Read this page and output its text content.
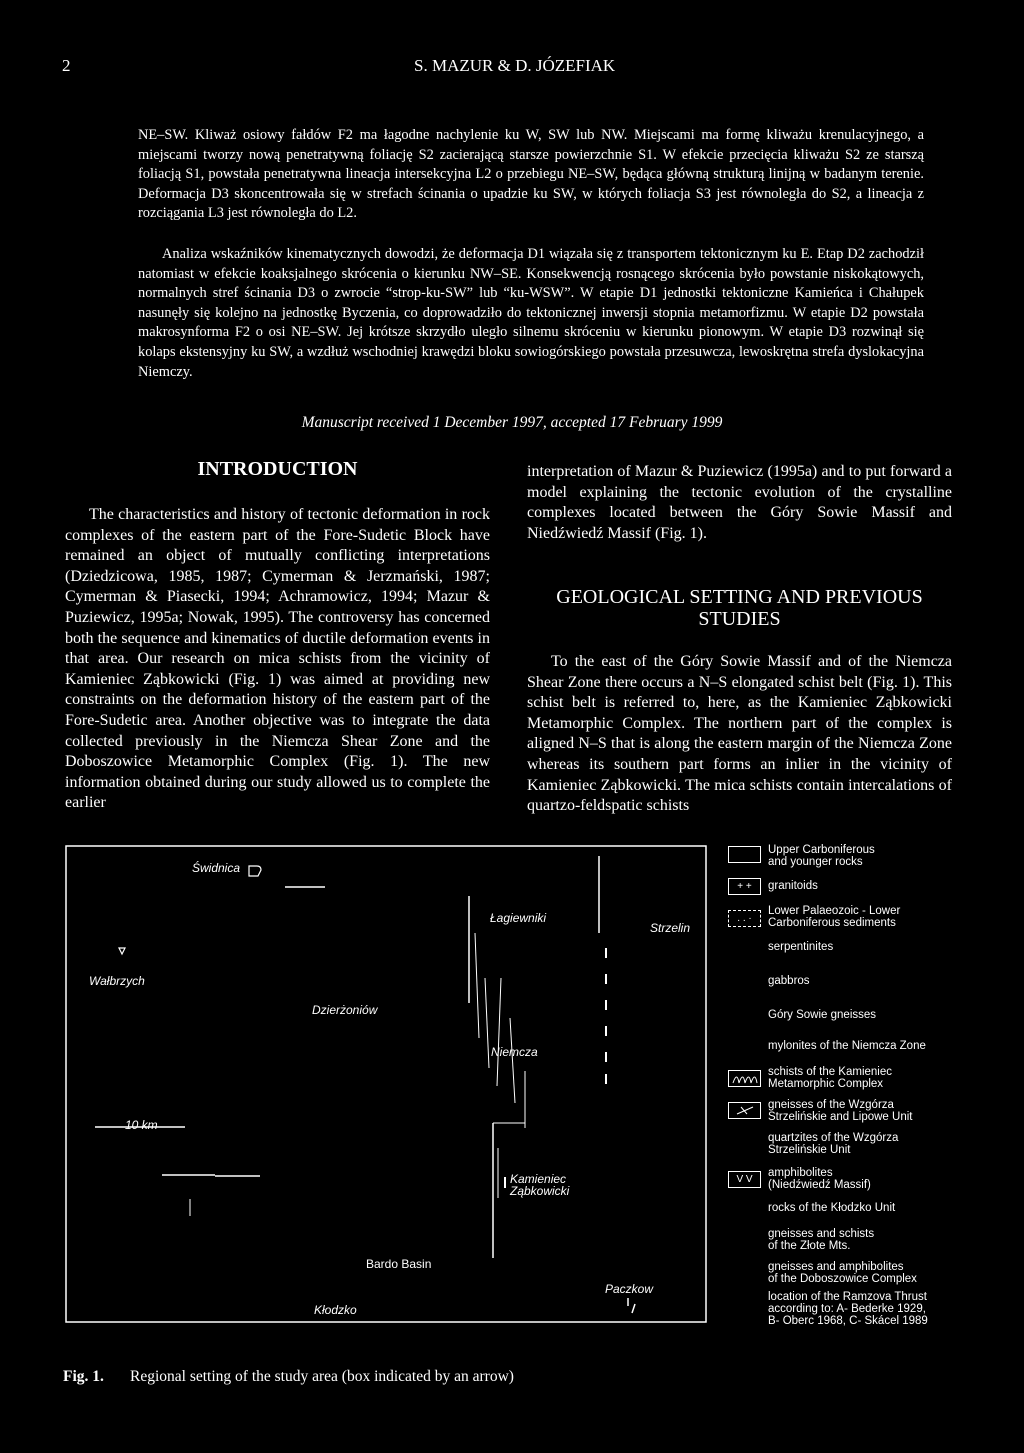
2	S. MAZUR & D. JÓZEFIAK

NE–SW. Kliważ osiowy fałdów F2 ma łagodne nachylenie ku W, SW lub NW. Miejscami ma formę kliważu krenulacyjnego, a miejscami tworzy nową penetratywną foliację S2 zacierającą starsze powierzchnie S1. W efekcie przecięcia kliważu S2 ze starszą foliacją S1, powstała penetratywna lineacja intersekcyjna L2 o przebiegu NE–SW, będąca główną strukturą linijną w badanym terenie. Deformacja D3 skoncentrowała się w strefach ścinania o upadzie ku SW, w których foliacja S3 jest równoległa do S2, a lineacja z rozciągania L3 jest równoległa do L2.

Analiza wskaźników kinematycznych dowodzi, że deformacja D1 wiązała się z transportem tektonicznym ku E. Etap D2 zachodził natomiast w efekcie koaksjalnego skrócenia o kierunku NW–SE. Konsekwencją rosnącego skrócenia było powstanie niskokątowych, normalnych stref ścinania D3 o zwrocie “strop-ku-SW” lub “ku-WSW”. W etapie D1 jednostki tektoniczne Kamieńca i Chałupek nasunęły się kolejno na jednostkę Byczenia, co doprowadziło do tektonicznej inwersji stopnia metamorfizmu. W etapie D2 powstała makrosynforma F2 o osi NE–SW. Jej krótsze skrzydło uległo silnemu skróceniu w kierunku pionowym. W etapie D3 rozwinął się kolaps ekstensyjny ku SW, a wzdłuż wschodniej krawędzi bloku sowiogórskiego powstała przesuwcza, lewoskrętna strefa dyslokacyjna Niemczy.

Manuscript received 1 December 1997, accepted 17 February 1999
INTRODUCTION

The characteristics and history of tectonic deformation in rock complexes of the eastern part of the Fore-Sudetic Block have remained an object of mutually conflicting interpretations (Dziedzicowa, 1985, 1987; Cymerman & Jerzmański, 1987; Cymerman & Piasecki, 1994; Achramowicz, 1994; Mazur & Puziewicz, 1995a; Nowak, 1995). The controversy has concerned both the sequence and kinematics of ductile deformation events in that area. Our research on mica schists from the vicinity of Kamieniec Ząbkowicki (Fig. 1) was aimed at providing new constraints on the deformation history of the eastern part of the Fore-Sudetic area. Another objective was to integrate the data collected previously in the Niemcza Shear Zone and the Doboszowice Metamorphic Complex (Fig. 1). The new information obtained during our study allowed us to complete the earlier

interpretation of Mazur & Puziewicz (1995a) and to put forward a model explaining the tectonic evolution of the crystalline complexes located between the Góry Sowie Massif and Niedźwiedź Massif (Fig. 1).

GEOLOGICAL SETTING AND PREVIOUS
STUDIES

To the east of the Góry Sowie Massif and of the Niemcza Shear Zone there occurs a N–S elongated schist belt (Fig. 1). This schist belt is referred to, here, as the Kamieniec Ząbkowicki Metamorphic Complex. The northern part of the complex is aligned N–S that is along the eastern margin of the Niemcza Zone whereas its southern part forms an inlier in the vicinity of Kamieniec Ząbkowicki. The mica schists contain intercalations of quartzo-feldspatic schists

Świdnica
Wałbrzych
Dzierżoniów
Łagiewniki
Strzelin
Niemcza
10 km
Kamieniec
Ząbkowicki
Bardo Basin
Kłodzko
Paczkow
+ +
. . ·
V V
Upper Carboniferous
and younger rocks
granitoids
Lower Palaeozoic - Lower
Carboniferous sediments
serpentinites
gabbros
Góry Sowie gneisses
mylonites of the Niemcza Zone
schists of the Kamieniec
Metamorphic Complex
gneisses of the Wzgórza
Strzelińskie and Lipowe Unit
quartzites of the Wzgórza
Strzelińskie Unit
amphibolites
(Niedźwiedź Massif)
rocks of the Kłodzko Unit
gneisses and schists
of the Złote Mts.
gneisses and amphibolites
of the Doboszowice Complex
location of the Ramzova Thrust
according to: A- Bederke 1929,
B- Oberc 1968, C- Skácel 1989
Fig. 1. Regional setting of the study area (box indicated by an arrow)
